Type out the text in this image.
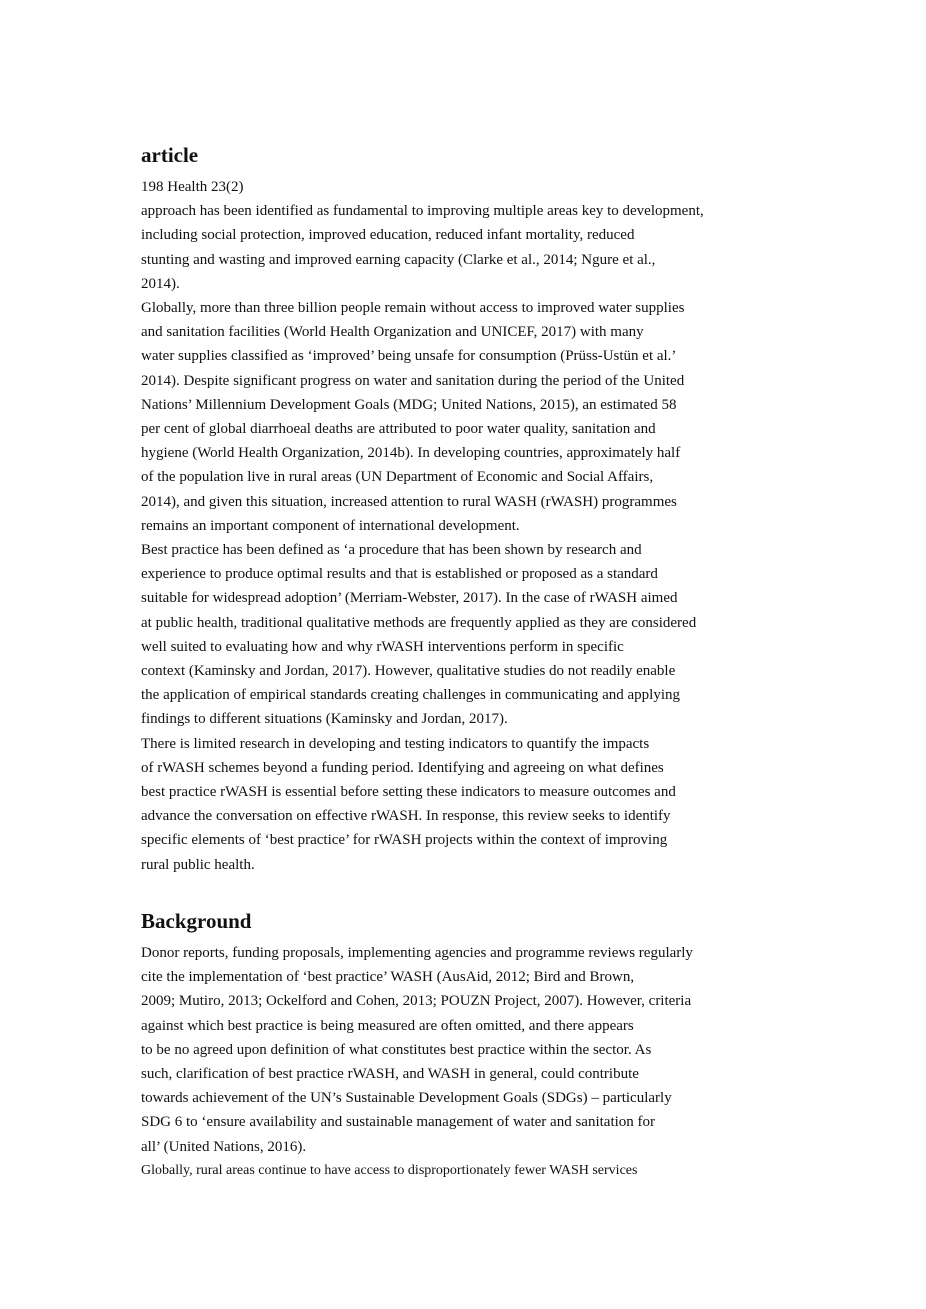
article
198 Health 23(2)
approach has been identified as fundamental to improving multiple areas key to development,
including social protection, improved education, reduced infant mortality, reduced
stunting and wasting and improved earning capacity (Clarke et al., 2014; Ngure et al.,
2014).
Globally, more than three billion people remain without access to improved water supplies
and sanitation facilities (World Health Organization and UNICEF, 2017) with many
water supplies classified as ‘improved’ being unsafe for consumption (Prüss-Ustün et al.’
2014). Despite significant progress on water and sanitation during the period of the United
Nations’ Millennium Development Goals (MDG; United Nations, 2015), an estimated 58
per cent of global diarrhoeal deaths are attributed to poor water quality, sanitation and
hygiene (World Health Organization, 2014b). In developing countries, approximately half
of the population live in rural areas (UN Department of Economic and Social Affairs,
2014), and given this situation, increased attention to rural WASH (rWASH) programmes
remains an important component of international development.
Best practice has been defined as ‘a procedure that has been shown by research and
experience to produce optimal results and that is established or proposed as a standard
suitable for widespread adoption’ (Merriam-Webster, 2017). In the case of rWASH aimed
at public health, traditional qualitative methods are frequently applied as they are considered
well suited to evaluating how and why rWASH interventions perform in specific
context (Kaminsky and Jordan, 2017). However, qualitative studies do not readily enable
the application of empirical standards creating challenges in communicating and applying
findings to different situations (Kaminsky and Jordan, 2017).
There is limited research in developing and testing indicators to quantify the impacts
of rWASH schemes beyond a funding period. Identifying and agreeing on what defines
best practice rWASH is essential before setting these indicators to measure outcomes and
advance the conversation on effective rWASH. In response, this review seeks to identify
specific elements of ‘best practice’ for rWASH projects within the context of improving
rural public health.
Background
Donor reports, funding proposals, implementing agencies and programme reviews regularly
cite the implementation of ‘best practice’ WASH (AusAid, 2012; Bird and Brown,
2009; Mutiro, 2013; Ockelford and Cohen, 2013; POUZN Project, 2007). However, criteria
against which best practice is being measured are often omitted, and there appears
to be no agreed upon definition of what constitutes best practice within the sector. As
such, clarification of best practice rWASH, and WASH in general, could contribute
towards achievement of the UN’s Sustainable Development Goals (SDGs) – particularly
SDG 6 to ‘ensure availability and sustainable management of water and sanitation for
all’ (United Nations, 2016).
Globally, rural areas continue to have access to disproportionately fewer WASH services
